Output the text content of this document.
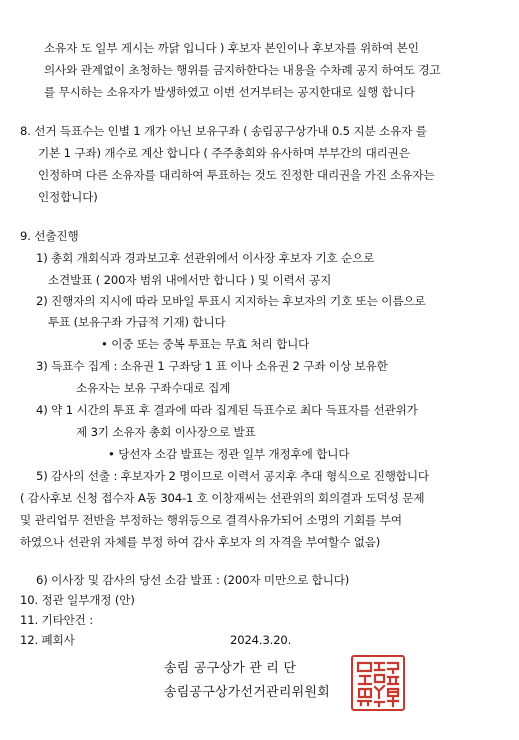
소유자 도 일부 게시는 까닭 입니다 ) 후보자 본인이나 후보자를 위하여 본인
의사와 관계없이 초청하는 행위를 금지하한다는 내용을 수차례 공지 하여도 경고
를 무시하는 소유자가 발생하였고 이번 선거부터는 공지한대로 실행 합니다
8. 선거 득표수는 인별 1 개가 아닌 보유구좌 ( 송림공구상가내 0.5 지분 소유자 를
기본 1 구좌) 개수로 계산 합니다 ( 주주총회와 유사하며 부부간의 대리권은
인정하며 다른 소유자를 대리하여 투표하는 것도 진정한 대리권을 가진 소유자는
인정합니다)
9. 선출진행
1) 총회 개회식과 경과보고후 선관위에서 이사장 후보자 기호 순으로
소견발표 ( 200자 범위 내에서만 합니다 ) 및 이력서 공지
2) 진행자의 지시에 따라 모바일 투표시 지지하는 후보자의 기호 또는 이름으로
투표 (보유구좌 가급적 기재) 합니다
• 이중 또는 중복 투표는 무효 처리 합니다
3) 득표수 집계 : 소유권 1 구좌당 1 표 이나 소유권 2 구좌 이상 보유한
소유자는 보유 구좌수대로 집계
4) 약 1 시간의 투표 후 결과에 따라 집계된 득표수로 최다 득표자를 선관위가
제 3기 소유자 총회 이사장으로 발표
• 당선자 소감 발표는 정관 일부 개정후에 합니다
5) 감사의 선출 : 후보자가 2 명이므로 이력서 공지후 추대 형식으로 진행합니다
( 감사후보 신청 접수자 A동 304-1 호 이창재씨는 선관위의 회의결과 도덕성 문제
및 관리업무 전반을 부정하는 행위등으로 결격사유가되어 소명의 기회를 부여
하였으나 선관위 자체를 부정 하여 감사 후보자 의 자격을 부여할수 없음)
6) 이사장 및 감사의 당선 소감 발표 : (200자 미만으로 합니다)
10. 정관 일부개정 (안)
11. 기타안건 :
12. 폐회사	2024.3.20.
송림 공구상가 관 리 단
송림공구상가선거관리위원회
